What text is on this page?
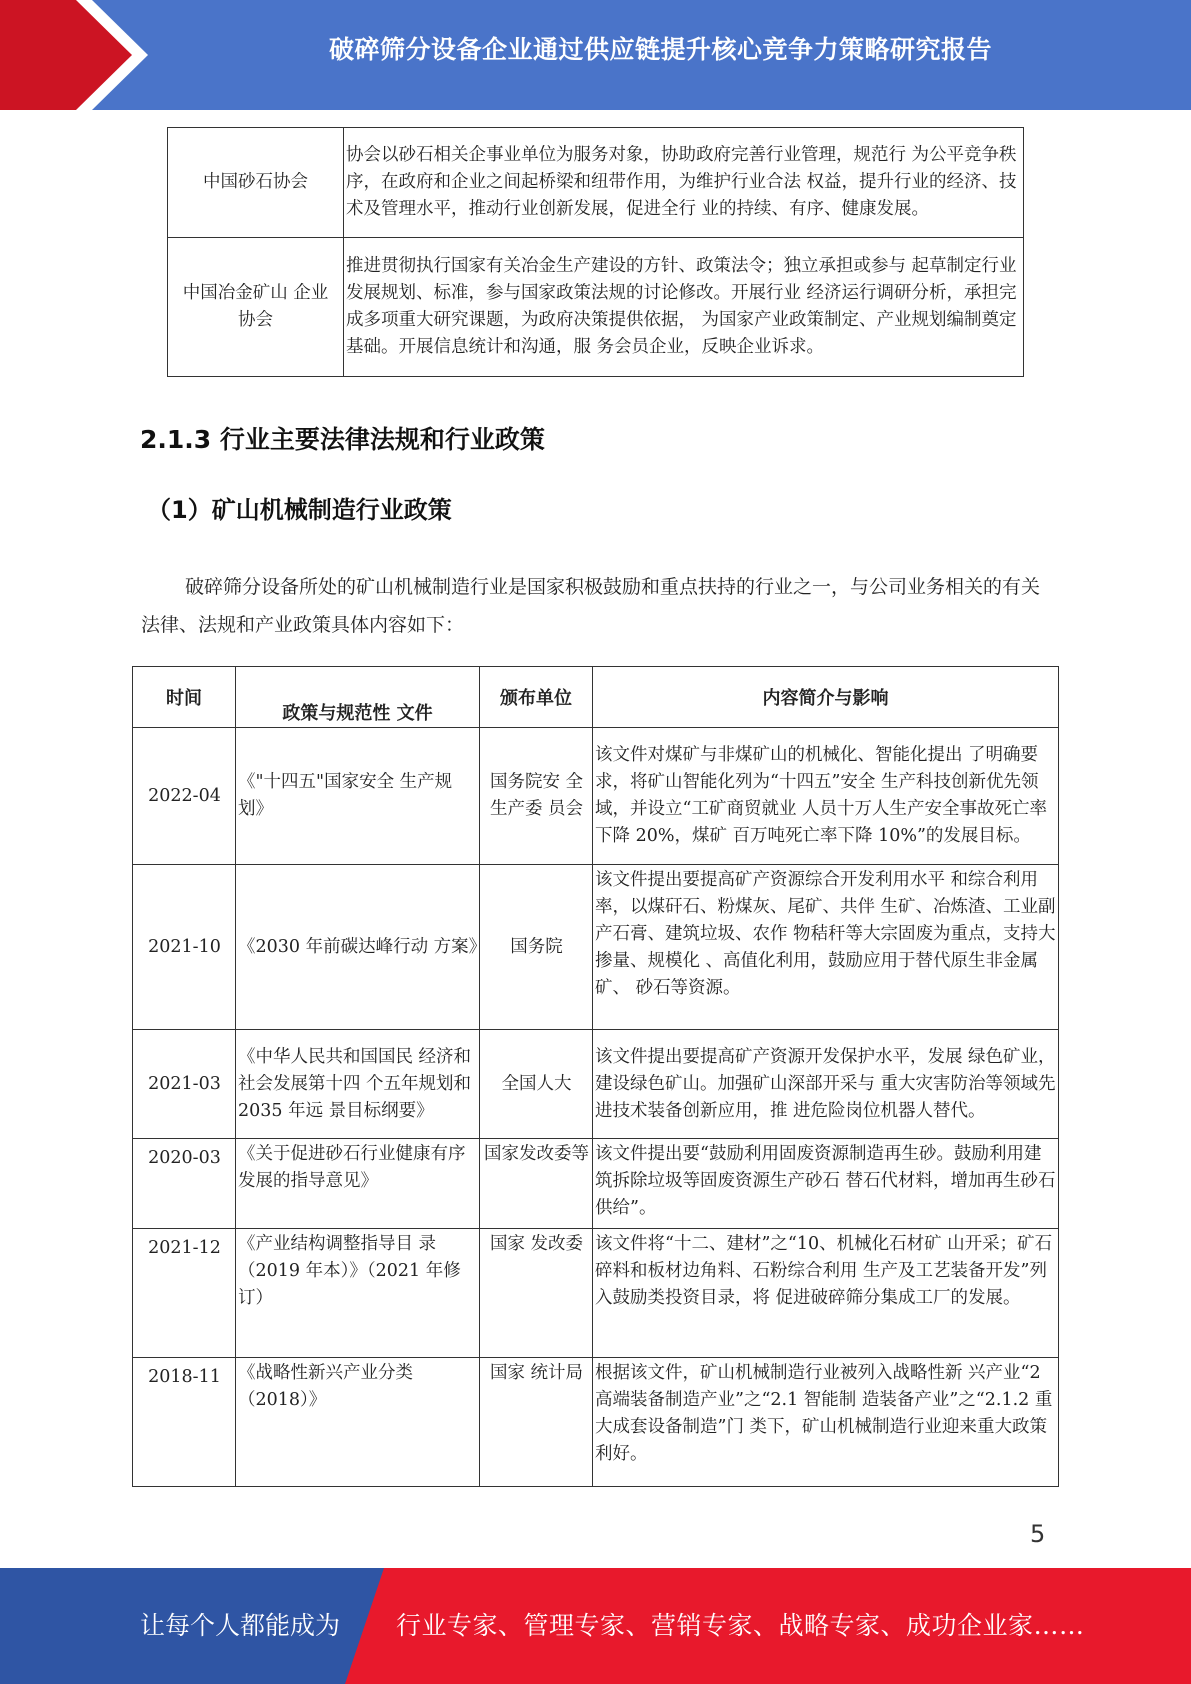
破碎筛分设备企业通过供应链提升核心竞争力策略研究报告
中国砂石协会	协会以砂石相关企事业单位为服务对象，协助政府完善行业管理，规范行 为公平竞争秩序，在政府和企业之间起桥梁和纽带作用，为维护行业合法 权益，提升行业的经济、技术及管理水平，推动行业创新发展，促进全行 业的持续、有序、健康发展。
中国冶金矿山 企业协会	推进贯彻执行国家有关冶金生产建设的方针、政策法令；独立承担或参与 起草制定行业发展规划、标准，参与国家政策法规的讨论修改。开展行业 经济运行调研分析，承担完成多项重大研究课题，为政府决策提供依据， 为国家产业政策制定、产业规划编制奠定基础。开展信息统计和沟通，服 务会员企业，反映企业诉求。
2.1.3 行业主要法律法规和行业政策
（1）矿山机械制造行业政策
破碎筛分设备所处的矿山机械制造行业是国家积极鼓励和重点扶持的行业之一，与公司业务相关的有关法律、法规和产业政策具体内容如下：
时间	政策与规范性 文件	颁布单位	内容简介与影响
2022-04	《"十四五"国家安全 生产规划》	国务院安 全生产委 员会	该文件对煤矿与非煤矿山的机械化、智能化提出 了明确要求，将矿山智能化列为“十四五”安全 生产科技创新优先领域，并设立“工矿商贸就业 人员十万人生产安全事故死亡率下降 20%，煤矿 百万吨死亡率下降 10%”的发展目标。
2021-10	《2030 年前碳达峰行动 方案》	国务院	该文件提出要提高矿产资源综合开发利用水平 和综合利用率，以煤矸石、粉煤灰、尾矿、共伴 生矿、冶炼渣、工业副产石膏、建筑垃圾、农作 物秸秆等大宗固废为重点，支持大掺量、规模化 、高值化利用，鼓励应用于替代原生非金属矿、 砂石等资源。
2021-03	《中华人民共和国国民 经济和社会发展第十四 个五年规划和 2035 年远 景目标纲要》	全国人大	该文件提出要提高矿产资源开发保护水平，发展 绿色矿业，建设绿色矿山。加强矿山深部开采与 重大灾害防治等领域先进技术装备创新应用，推 进危险岗位机器人替代。
2020-03	《关于促进砂石行业健康有序发展的指导意见》	国家发改委等	该文件提出要“鼓励利用固废资源制造再生砂。鼓励利用建筑拆除垃圾等固废资源生产砂石 替石代材料，增加再生砂石供给”。
2021-12	《产业结构调整指导目 录（2019 年本）》（2021 年修订）	国家 发改委	该文件将“十二、建材”之“10、机械化石材矿 山开采；矿石碎料和板材边角料、石粉综合利用 生产及工艺装备开发”列入鼓励类投资目录，将 促进破碎筛分集成工厂的发展。
2018-11	《战略性新兴产业分类（2018）》	国家 统计局	根据该文件，矿山机械制造行业被列入战略性新 兴产业“2 高端装备制造产业”之“2.1 智能制 造装备产业”之“2.1.2 重大成套设备制造”门 类下，矿山机械制造行业迎来重大政策利好。
5
让每个人都能成为 行业专家、管理专家、营销专家、战略专家、成功企业家……
